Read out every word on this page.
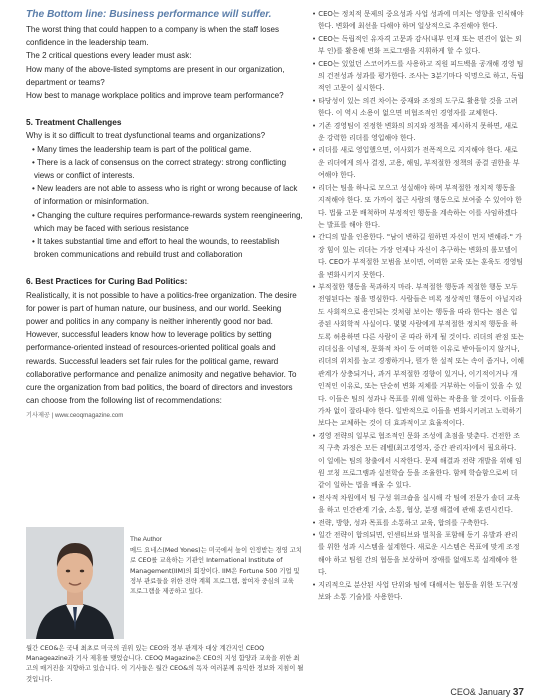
The Bottom line: Business performance will suffer.

The worst thing that could happen to a company is when the staff loses confidence in the leadership team.

The 2 critical questions every leader must ask:

How many of the above-listed symptoms are present in our organization, department or teams?

How best to manage workplace politics and improve team performance?

5. Treatment Challenges

Why is it so difficult to treat dysfunctional teams and organizations?

• Many times the leadership team is part of the political game.

• There is a lack of consensus on the correct strategy: strong conflicting views or conflict of interests.

• New leaders are not able to assess who is right or wrong because of lack of information or misinformation.

• Changing the culture requires performance-rewards system reengineering, which may be faced with serious resistance

• It takes substantial time and effort to heal the wounds, to reestablish broken communications and rebuild trust and collaboration

6. Best Practices for Curing Bad Politics:

Realistically, it is not possible to have a politics-free organization. The desire for power is part of human nature, our business, and our world. Seeking power and politics in any company is neither inherently good nor bad. However, successful leaders know how to leverage politics by setting performance-oriented instead of resources-oriented political goals and rewards. Successful leaders set fair rules for the political game, reward collaborative performance and penalize animosity and negative behavior. To cure the organization from bad politics, the board of directors and investors can choose from the following list of recommendations:

기사제공 | www.ceoqmagazine.com
The Author
메드 요네스(Med Yones)는 미국에서 높이 인정받는 경영 고치로 CEO를 교육하는 기관인 International Institute of Management(IIM)의 회장이다. IIM은 Fortune 500 기업 및 정부 관료들을 위한 전략 계획 프로그램, 참여자 중심의 교육 프로그램을 제공하고 있다.
월간 CEO&은 국내 최초로 미국의 권위 있는 CEO와 정부 관계자 대상 계간지인 CEOQ Manageazine과 기사 제휴를 맺었습니다. CEOQ Magazine은 CEO의 지성 함양과 교육을 위한 최고의 매거진을 지향하고 있습니다. 이 기사들은 월간 CEO&의 독자 여러분께 유익한 정보와 지침이 될 것입니다.

• CEO는 정치적 문제의 중요성과 사업 성과에 미치는 영향을 인식해야 한다. 변화에 최선을 다해야 하며 일상적으로 추진해야 한다.

• CEO는 독립적인 유자격 고문과 감사(내부 인재 또는 편견이 없는 외부 인)를 활용해 변화 프로그램을 지휘하게 할 수 있다.

• CEO는 있었던 스코어카드를 사용하고 직원 피드백을 공개해 경영 팀의 건전성과 성과를 평가한다. 조사는 3분기마다 익명으로 하고, 독립적인 고문이 실시한다.

• 타당성이 있는 의견 차이는 중재와 조정의 도구로 활용할 것을 고려한다. 이 역시 소용이 없으면 비협조적인 경영자를 교체한다.

• 기존 경영팀이 진정한 변화의 의지와 정책을 제시하지 못하면, 새로운 강력한 리더를 영입해야 한다.

• 리더를 새로 영입했으면, 이사회가 전폭적으로 지지해야 한다. 새로운 리더에게 의사 결정, 고용, 해임, 부적절한 정책의 종결 권한을 부여해야 한다.

• 리더는 팀을 하나로 모으고 성실해야 하며 부적절한 정치적 행동을 지적해야 한다. 또 가까이 접근 사람의 행동으로 보여줄 수 있어야 한다. 법률 고문 배척하며 부정적인 행동을 계속하는 이를 사임하겠다는 발표를 해야 한다.

• 간디의 말을 인용한다. "남이 변하길 원하면 자신이 먼저 변해라." 가장 힘이 있는 리더는 가장 언제나 자신이 추구하는 변화의 롤모델이다. CEO가 부적절한 모범을 보이면, 어떠한 교육 또는 훈육도 경영팀을 변화시키지 못한다.

• 부적절한 행동을 묵과하지 마라. 부적절한 행동과 적절한 행동 모두 전염된다는 점을 명심한다. 사람들은 비록 정상적인 행동이 아닐지라도 사회적으로 용인되는 것처럼 보이는 행동을 따라 한다는 점은 입증된 사회학적 사실이다. 몇몇 사람에게 부적절한 정치적 행동을 하도록 허용하면 다른 사람이 곧 따라 하게 될 것이다. 리더의 관점 또는 리더십을 이념적, 문화적 차이 등 어떠한 이유로 받아들이지 않거나, 리더의 위치를 높고 경쟁하거나, 뭔가 한 설적 또는 속이 좁거나, 이해관계가 상충되거나, 과거 부적절한 경향이 있거나, 이기적이거나 개인적인 이유로, 또는 단순히 변화 저체를 거부하는 이들이 있을 수 있다. 이들은 팀의 성과나 목표를 위해 일하는 작용을 할 것이다. 이들을 가차 없이 잘라내야 한다. 일반적으로 이들을 변화시키려고 노력하기보다는 교체하는 것이 더 효과적이고 효율적이다.

• 경영 전략의 일부로 협조적인 문화 조성에 초점을 맞춘다. 건전한 조직 구축 과정은 모든 레벨(최고경영자, 중간 관리자)에서 필요하다. 이 일에는 팀의 창출에서 시작한다. 문제 해결과 전략 개발을 위해 임원 코칭 프로그램과 실전학습 등을 조율한다. 함께 학습함으로써 더 같이 일하는 법을 배울 수 있다.

• 전사적 차원에서 팀 구성 워크숍을 실시해 각 팀에 전문가 솔더 교육을 하고 인간관계 기술, 소통, 협상, 분쟁 해결에 관해 훈련시킨다.

• 전략, 방향, 성과 목표를 소통하고 교육, 합의를 구축한다.

• 일간 전략이 합의되면, 인센티브와 벌칙을 포함해 동기 유발과 관리를 위한 성과 시스템을 설계한다. 새로운 시스템은 목표에 맞게 조정해야 하고 팀원 간의 협동을 보상하며 장애를 없애도록 설계해야 한다.

• 지리적으로 분산된 사업 단위와 팀에 대해서는 협동을 위한 도구(정보와 소통 기술)를 사용한다.

CEO& January 37
